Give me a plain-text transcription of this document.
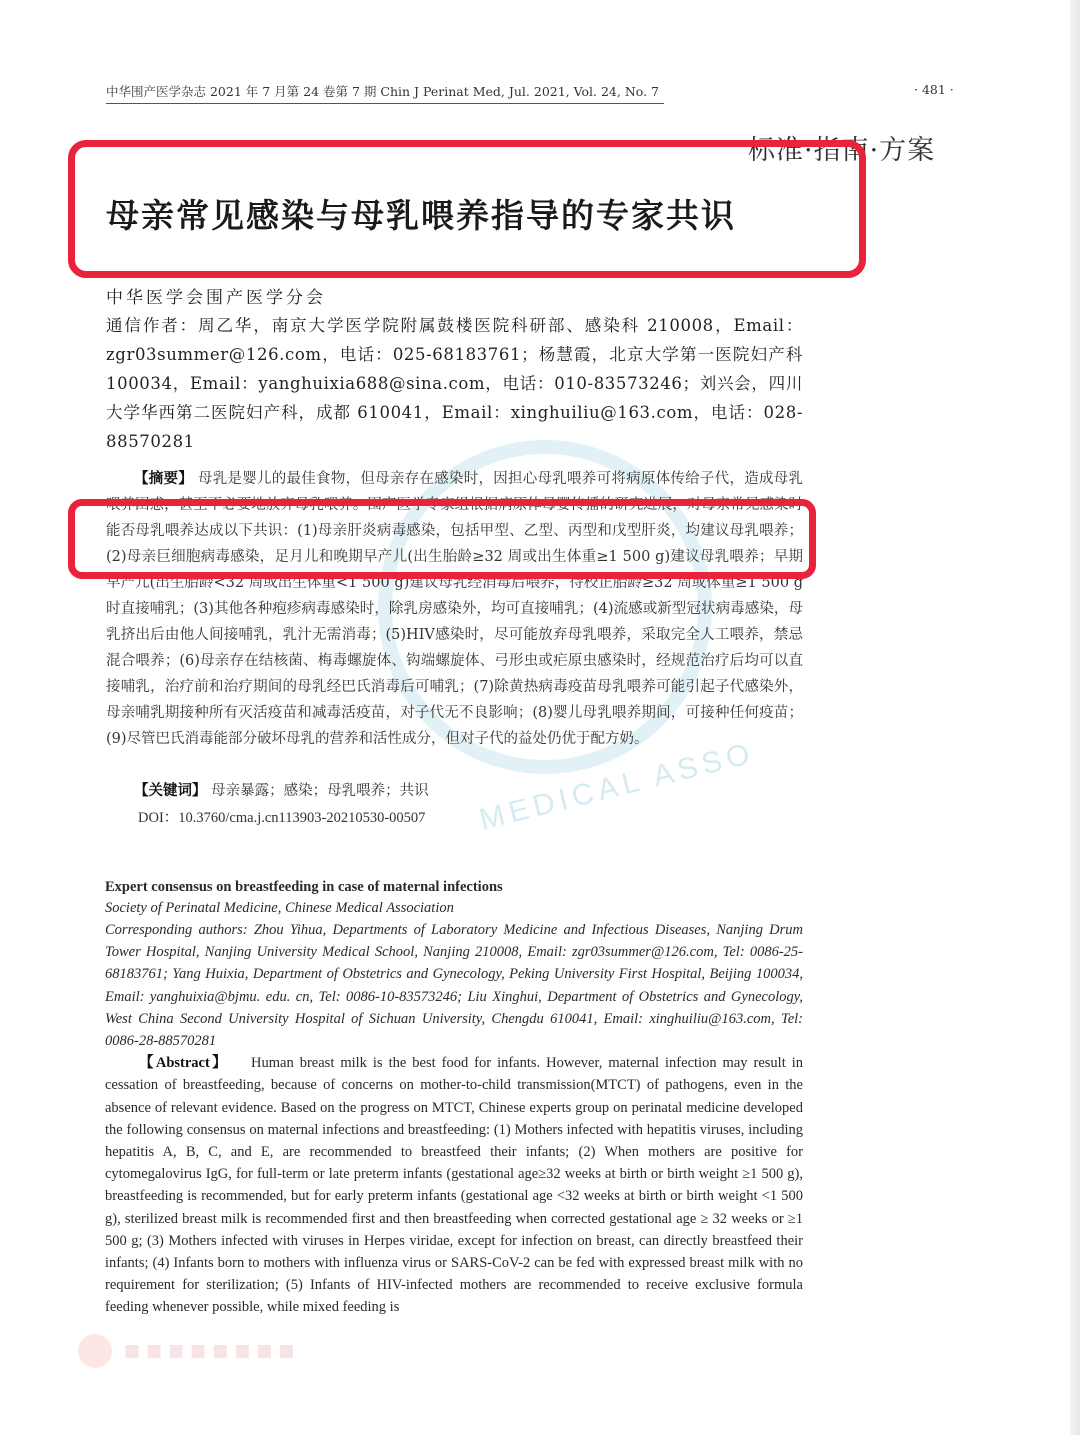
MEDICAL ASSO
中华围产医学杂志 2021 年 7 月第 24 卷第 7 期 Chin J Perinat Med, Jul. 2021, Vol. 24, No. 7	· 481 ·
标准·指南·方案
母亲常见感染与母乳喂养指导的专家共识
中华医学会围产医学分会

通信作者：周乙华，南京大学医学院附属鼓楼医院科研部、感染科 210008，Email：zgr03summer@126.com，电话：025-68183761；杨慧霞，北京大学第一医院妇产科 100034，Email：yanghuixia688@sina.com，电话：010-83573246；刘兴会，四川大学华西第二医院妇产科，成都 610041，Email：xinghuiliu@163.com，电话：028-88570281

【摘要】 母乳是婴儿的最佳食物，但母亲存在感染时，因担心母乳喂养可将病原体传给子代，造成母乳喂养困惑，甚至不必要地放弃母乳喂养。围产医学专家组根据病原体母婴传播的研究进展，对母亲常见感染时能否母乳喂养达成以下共识：(1)母亲肝炎病毒感染，包括甲型、乙型、丙型和戊型肝炎，均建议母乳喂养；(2)母亲巨细胞病毒感染，足月儿和晚期早产儿(出生胎龄≥32 周或出生体重≥1 500 g)建议母乳喂养；早期早产儿(出生胎龄<32 周或出生体重<1 500 g)建议母乳经消毒后喂养，待校正胎龄≥32 周或体重≥1 500 g时直接哺乳；(3)其他各种疱疹病毒感染时，除乳房感染外，均可直接哺乳；(4)流感或新型冠状病毒感染，母乳挤出后由他人间接哺乳，乳汁无需消毒；(5)HIV感染时，尽可能放弃母乳喂养，采取完全人工喂养，禁忌混合喂养；(6)母亲存在结核菌、梅毒螺旋体、钩端螺旋体、弓形虫或疟原虫感染时，经规范治疗后均可以直接哺乳，治疗前和治疗期间的母乳经巴氏消毒后可哺乳；(7)除黄热病毒疫苗母乳喂养可能引起子代感染外，母亲哺乳期接种所有灭活疫苗和减毒活疫苗，对子代无不良影响；(8)婴儿母乳喂养期间，可接种任何疫苗；(9)尽管巴氏消毒能部分破坏母乳的营养和活性成分，但对子代的益处仍优于配方奶。

【关键词】 母亲暴露；感染；母乳喂养；共识
DOI：10.3760/cma.j.cn113903-20210530-00507
Expert consensus on breastfeeding in case of maternal infections
Society of Perinatal Medicine, Chinese Medical Association

Corresponding authors: Zhou Yihua, Departments of Laboratory Medicine and Infectious Diseases, Nanjing Drum Tower Hospital, Nanjing University Medical School, Nanjing 210008, Email: zgr03summer@126.com, Tel: 0086-25-68183761; Yang Huixia, Department of Obstetrics and Gynecology, Peking University First Hospital, Beijing 100034, Email: yanghuixia@bjmu. edu. cn, Tel: 0086-10-83573246; Liu Xinghui, Department of Obstetrics and Gynecology, West China Second University Hospital of Sichuan University, Chengdu 610041, Email: xinghuiliu@163.com, Tel: 0086-28-88570281

【Abstract】 Human breast milk is the best food for infants. However, maternal infection may result in cessation of breastfeeding, because of concerns on mother-to-child transmission(MTCT) of pathogens, even in the absence of relevant evidence. Based on the progress on MTCT, Chinese experts group on perinatal medicine developed the following consensus on maternal infections and breastfeeding: (1) Mothers infected with hepatitis viruses, including hepatitis A, B, C, and E, are recommended to breastfeed their infants; (2) When mothers are positive for cytomegalovirus IgG, for full-term or late preterm infants (gestational age≥32 weeks at birth or birth weight ≥1 500 g), breastfeeding is recommended, but for early preterm infants (gestational age <32 weeks at birth or birth weight <1 500 g), sterilized breast milk is recommended first and then breastfeeding when corrected gestational age ≥ 32 weeks or ≥1 500 g; (3) Mothers infected with viruses in Herpes viridae, except for infection on breast, can directly breastfeed their infants; (4) Infants born to mothers with influenza virus or SARS-CoV-2 can be fed with expressed breast milk with no requirement for sterilization; (5) Infants of HIV-infected mothers are recommended to receive exclusive formula feeding whenever possible, while mixed feeding is

■■■■■■■■
